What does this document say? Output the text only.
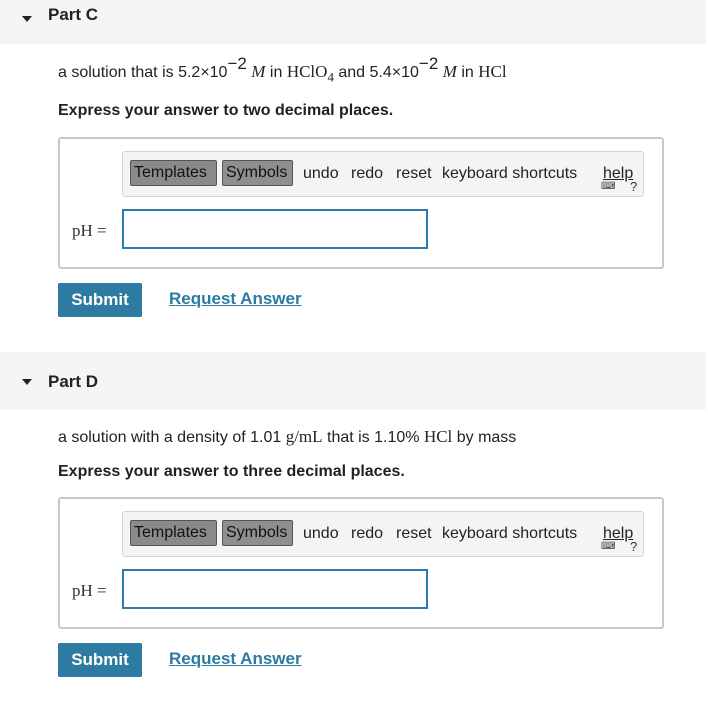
Part C
a solution that is $5.2\times 10^{-2}$ M in HClO$_4$ and $5.4\times 10^{-2}$ M in HCl
Express your answer to two decimal places.
Templates	Symbols undo redo reset keyboard shortcuts help
⌨ ?
pH =
Submit	Request Answer
Part D
a solution with a density of 1.01 g/mL that is 1.10% HCl by mass
Express your answer to three decimal places.
Templates	Symbols undo redo reset keyboard shortcuts help
⌨ ?
pH =
Submit	Request Answer
